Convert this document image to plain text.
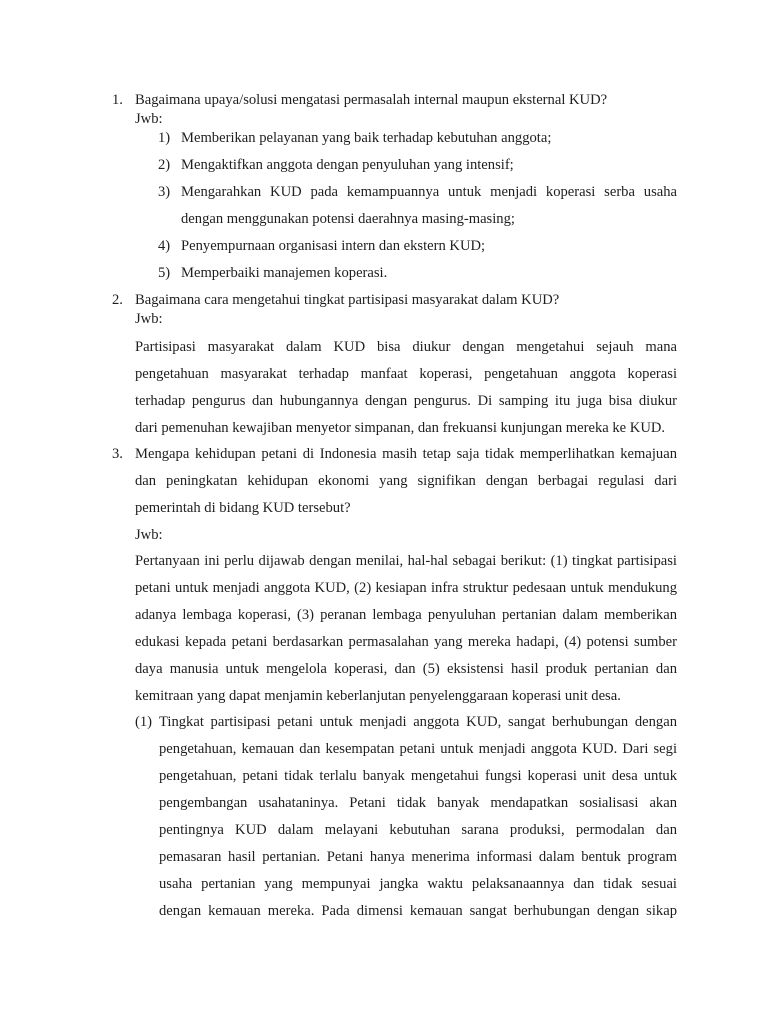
1. Bagaimana upaya/solusi mengatasi permasalah internal maupun eksternal KUD?
Jwb:
1) Memberikan pelayanan yang baik terhadap kebutuhan anggota;
2) Mengaktifkan anggota dengan penyuluhan yang intensif;
3) Mengarahkan KUD pada kemampuannya untuk menjadi koperasi serba usaha
dengan menggunakan potensi daerahnya masing-masing;
4) Penyempurnaan organisasi intern dan ekstern KUD;
5) Memperbaiki manajemen koperasi.
2. Bagaimana cara mengetahui tingkat partisipasi masyarakat dalam KUD?
Jwb:
Partisipasi masyarakat dalam KUD bisa diukur dengan mengetahui sejauh mana
pengetahuan masyarakat terhadap manfaat koperasi, pengetahuan anggota koperasi
terhadap pengurus dan hubungannya dengan pengurus. Di samping itu juga bisa diukur
dari pemenuhan kewajiban menyetor simpanan, dan frekuansi kunjungan mereka ke KUD.
3. Mengapa kehidupan petani di Indonesia masih tetap saja tidak memperlihatkan kemajuan
dan peningkatan kehidupan ekonomi yang signifikan dengan berbagai regulasi dari
pemerintah di bidang KUD tersebut?
Jwb:
Pertanyaan ini perlu dijawab dengan menilai, hal-hal sebagai berikut: (1) tingkat partisipasi
petani untuk menjadi anggota KUD, (2) kesiapan infra struktur pedesaan untuk mendukung
adanya lembaga koperasi, (3) peranan lembaga penyuluhan pertanian dalam memberikan
edukasi kepada petani berdasarkan permasalahan yang mereka hadapi, (4) potensi sumber
daya manusia untuk mengelola koperasi, dan (5) eksistensi hasil produk pertanian dan
kemitraan yang dapat menjamin keberlanjutan penyelenggaraan koperasi unit desa.
(1) Tingkat partisipasi petani untuk menjadi anggota KUD, sangat berhubungan dengan
pengetahuan, kemauan dan kesempatan petani untuk menjadi anggota KUD. Dari segi
pengetahuan, petani tidak terlalu banyak mengetahui fungsi koperasi unit desa untuk
pengembangan usahataninya. Petani tidak banyak mendapatkan sosialisasi akan
pentingnya KUD dalam melayani kebutuhan sarana produksi, permodalan dan
pemasaran hasil pertanian. Petani hanya menerima informasi dalam bentuk program
usaha pertanian yang mempunyai jangka waktu pelaksanaannya dan tidak sesuai
dengan kemauan mereka. Pada dimensi kemauan sangat berhubungan dengan sikap
